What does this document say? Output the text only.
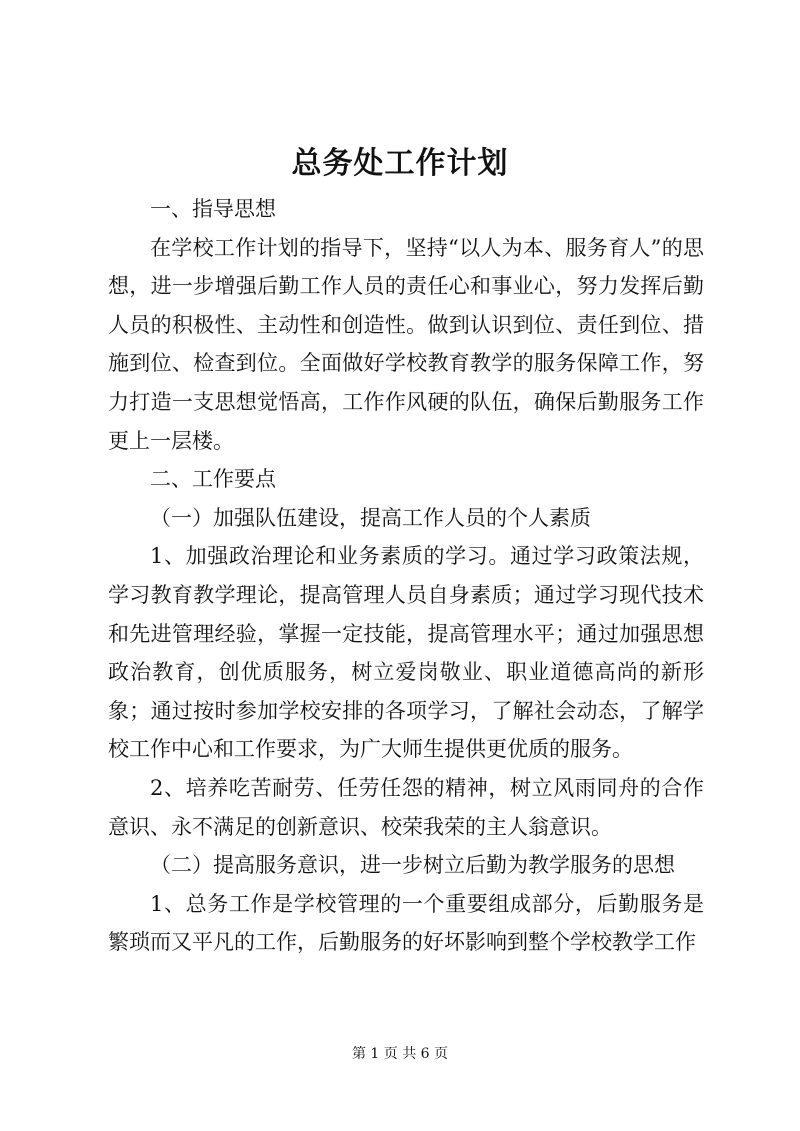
总务处工作计划

一、指导思想

在学校工作计划的指导下，坚持“以人为本、服务育人”的思想，进一步增强后勤工作人员的责任心和事业心，努力发挥后勤人员的积极性、主动性和创造性。做到认识到位、责任到位、措施到位、检查到位。全面做好学校教育教学的服务保障工作，努力打造一支思想觉悟高，工作作风硬的队伍，确保后勤服务工作更上一层楼。

二、工作要点

（一）加强队伍建设，提高工作人员的个人素质

1、加强政治理论和业务素质的学习。通过学习政策法规，学习教育教学理论，提高管理人员自身素质；通过学习现代技术和先进管理经验，掌握一定技能，提高管理水平；通过加强思想政治教育，创优质服务，树立爱岗敬业、职业道德高尚的新形象；通过按时参加学校安排的各项学习，了解社会动态，了解学校工作中心和工作要求，为广大师生提供更优质的服务。

2、培养吃苦耐劳、任劳任怨的精神，树立风雨同舟的合作意识、永不满足的创新意识、校荣我荣的主人翁意识。

（二）提高服务意识，进一步树立后勤为教学服务的思想

1、总务工作是学校管理的一个重要组成部分，后勤服务是繁琐而又平凡的工作，后勤服务的好坏影响到整个学校教学工作

第 1 页 共 6 页
